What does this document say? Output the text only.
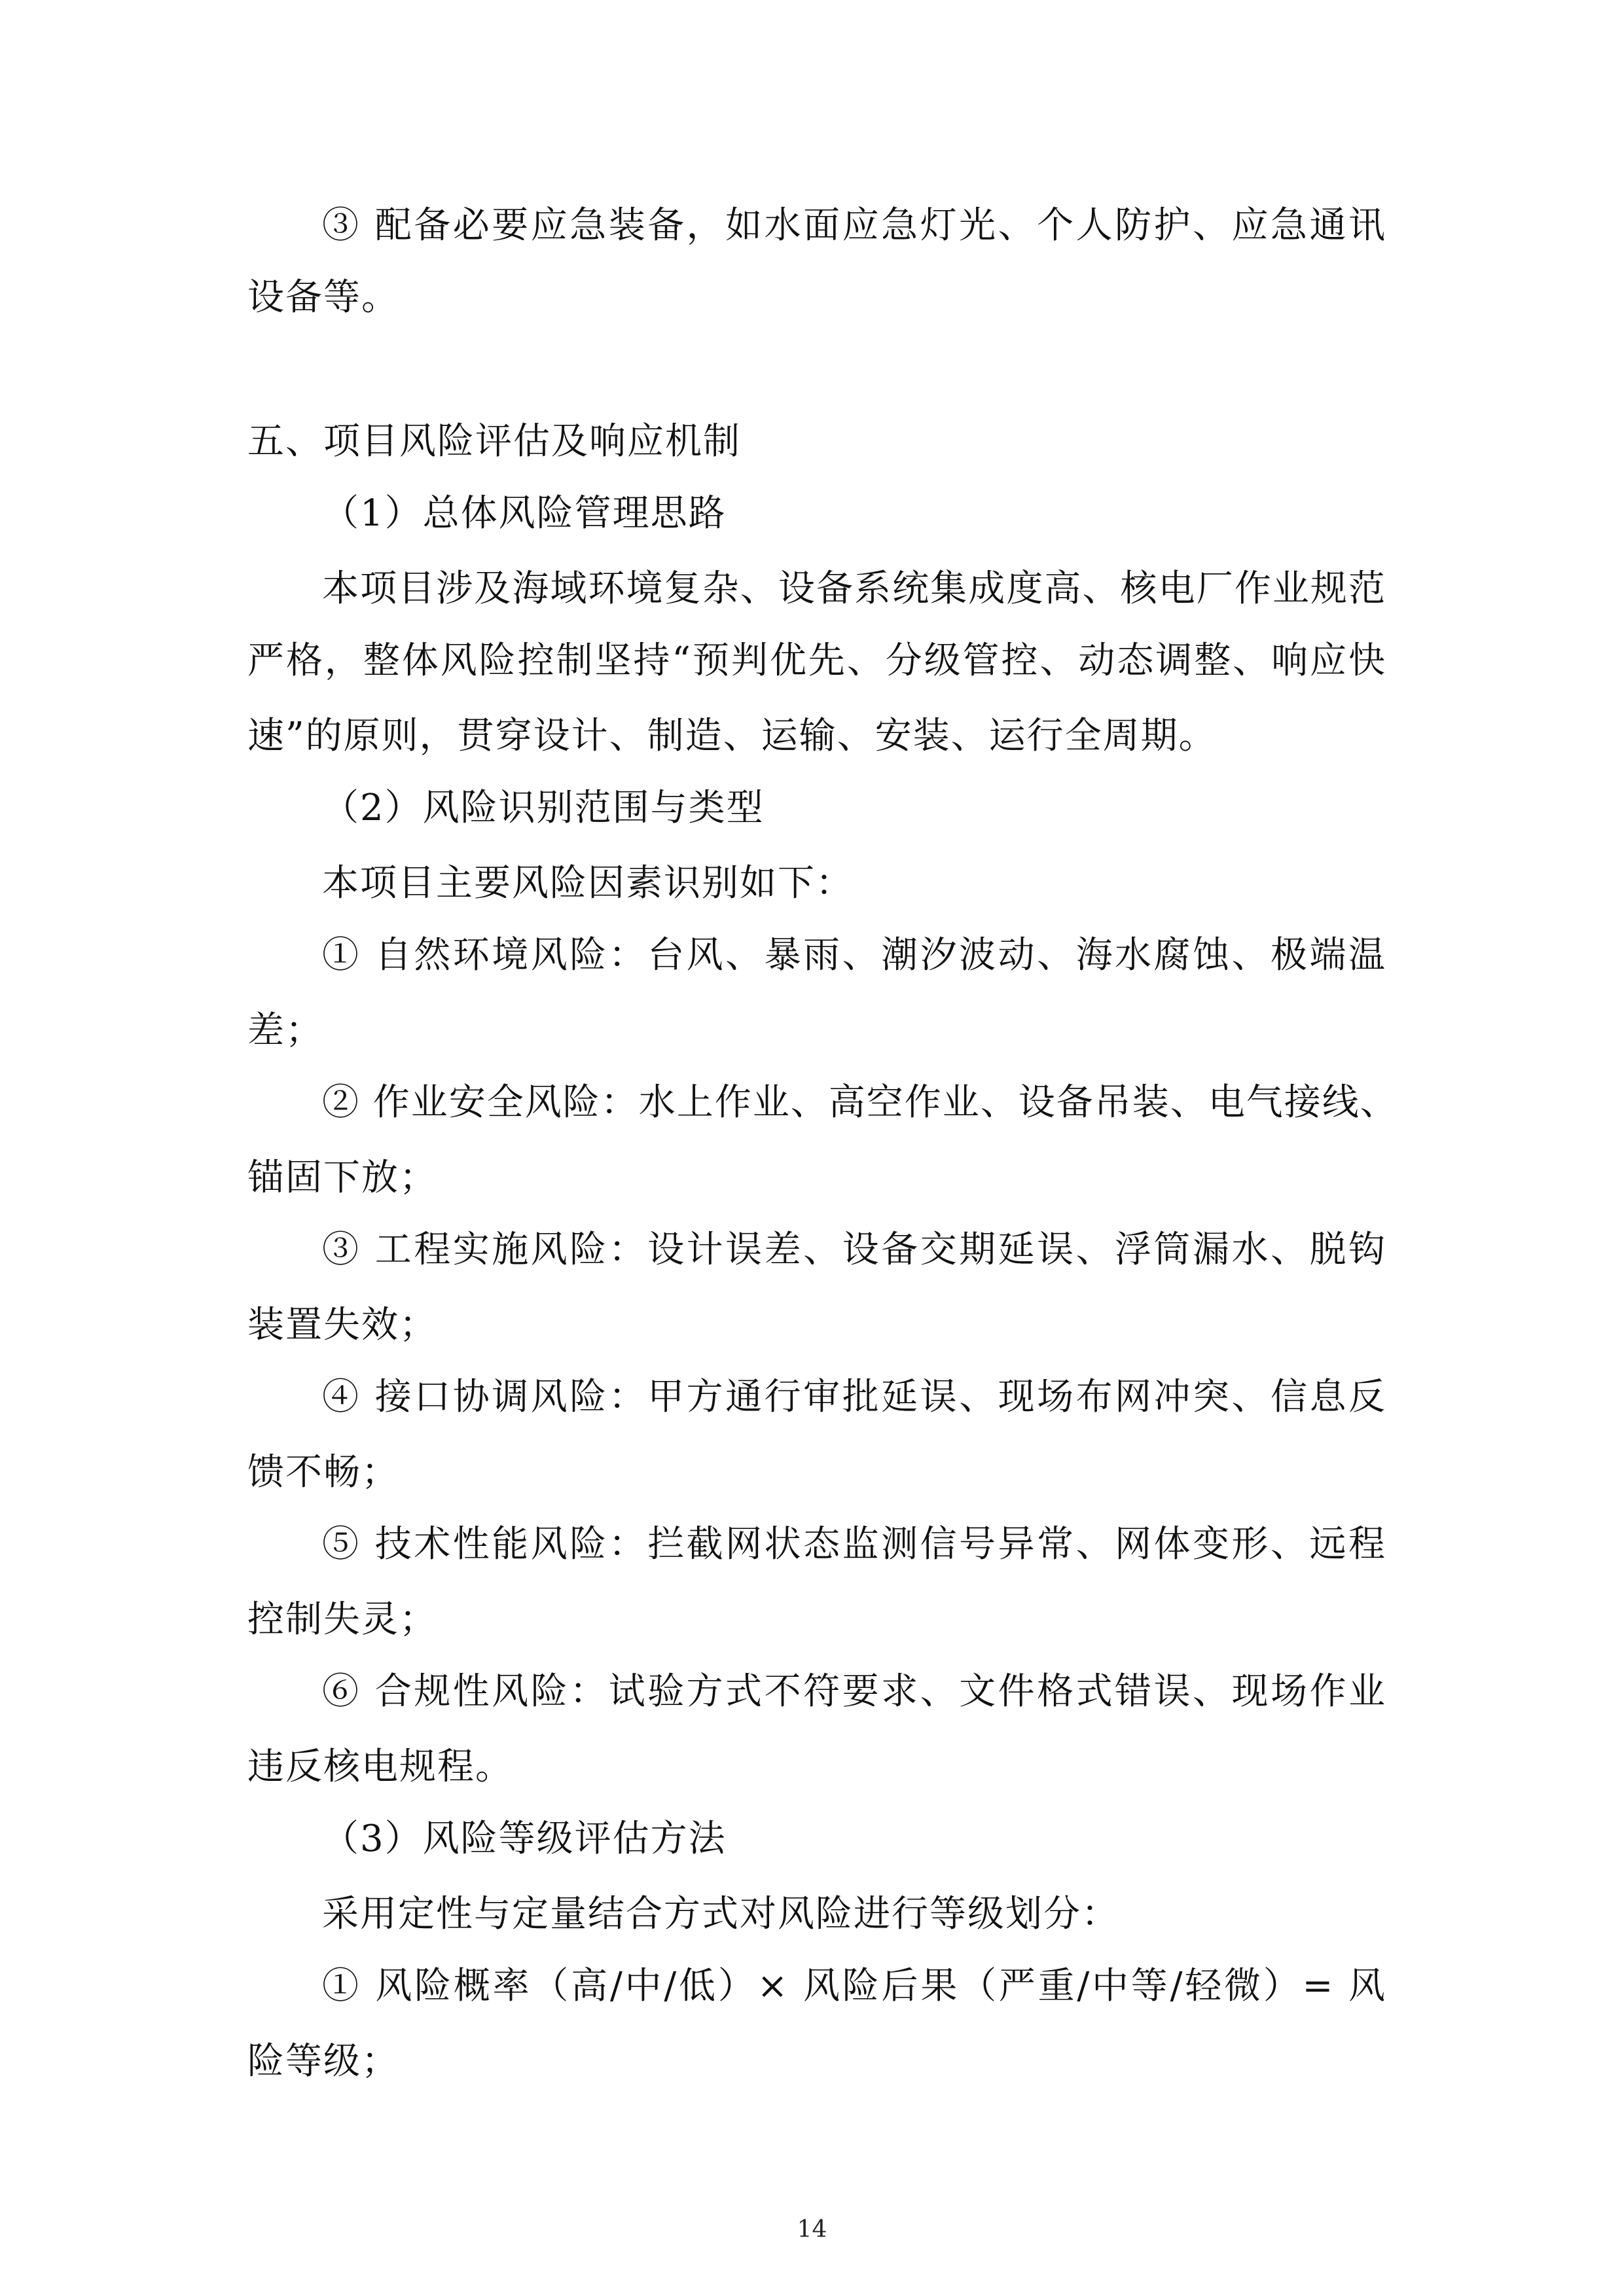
③ 配备必要应急装备，如水面应急灯光、个人防护、应急通讯
设备等。
五、项目风险评估及响应机制
（1）总体风险管理思路
本项目涉及海域环境复杂、设备系统集成度高、核电厂作业规范
严格，整体风险控制坚持“预判优先、分级管控、动态调整、响应快
速”的原则，贯穿设计、制造、运输、安装、运行全周期。
（2）风险识别范围与类型
本项目主要风险因素识别如下：
① 自然环境风险：台风、暴雨、潮汐波动、海水腐蚀、极端温
差；
② 作业安全风险：水上作业、高空作业、设备吊装、电气接线、
锚固下放；
③ 工程实施风险：设计误差、设备交期延误、浮筒漏水、脱钩
装置失效；
④ 接口协调风险：甲方通行审批延误、现场布网冲突、信息反
馈不畅；
⑤ 技术性能风险：拦截网状态监测信号异常、网体变形、远程
控制失灵；
⑥ 合规性风险：试验方式不符要求、文件格式错误、现场作业
违反核电规程。
（3）风险等级评估方法
采用定性与定量结合方式对风险进行等级划分：
① 风险概率（高/中/低）× 风险后果（严重/中等/轻微）= 风
险等级；
14
